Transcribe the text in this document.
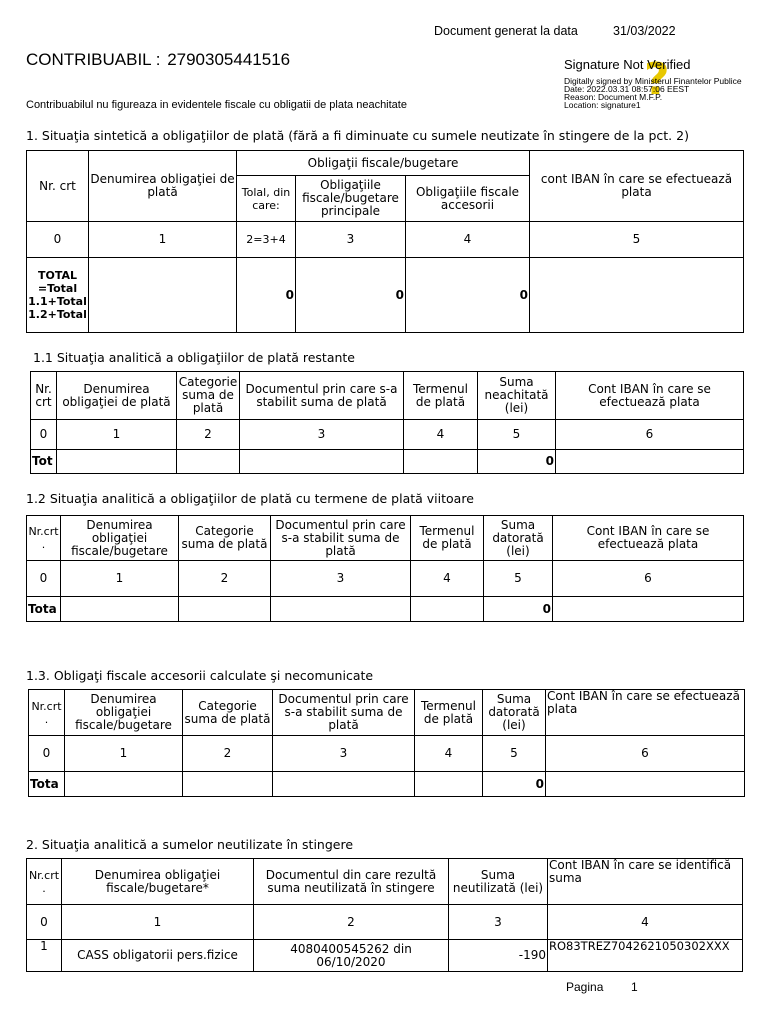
Document generat la data	31/03/2022
CONTRIBUABIL : 2790305441516
Contribuabilul nu figureaza in evidentele fiscale cu obligatii de plata neachitate	?
Signature Not Verified
Digitally signed by Ministerul Finantelor Publice
Date: 2022.03.31 08:57:06 EEST
Reason: Document M.F.P.
Location: signature1
1. Situaţia sintetică a obligaţiilor de plată (fără a fi diminuate cu sumele neutizate în stingere de la pct. 2)
Nr. crt	Denumirea obligaţiei de plată	Obligaţii fiscale/bugetare			cont IBAN în care se efectuează plata
		Tolal, din care:	Obligaţiile fiscale/bugetare principale	Obligaţiile fiscale accesorii	
0	1	2=3+4	3	4	5
TOTAL =Total 1.1+Total 1.2+Total		0	0	0	
1.1 Situaţia analitică a obligaţiilor de plată restante
Nr. crt	Denumirea obligaţiei de plată	Categorie suma de plată	Documentul prin care s-a stabilit suma de plată	Termenul de plată	Suma neachitată (lei)	Cont IBAN în care se efectuează plata
0	1	2	3	4	5	6
Tot					0	
1.2 Situaţia analitică a obligaţiilor de plată cu termene de plată viitoare
Nr.crt .	Denumirea obligaţiei fiscale/bugetare	Categorie suma de plată	Documentul prin care s-a stabilit suma de plată	Termenul de plată	Suma datorată (lei)	Cont IBAN în care se efectuează plata
0	1	2	3	4	5	6
Tota					0	
1.3. Obligaţi fiscale accesorii calculate şi necomunicate
Nr.crt .	Denumirea obligaţiei fiscale/bugetare	Categorie suma de plată	Documentul prin care s-a stabilit suma de plată	Termenul de plată	Suma datorată (lei)	Cont IBAN în care se efectuează plata
0	1	2	3	4	5	6
Tota					0	
2. Situaţia analitică a sumelor neutilizate în stingere
Nr.crt .	Denumirea obligaţiei fiscale/bugetare*	Documentul din care rezultă suma neutilizată în stingere	Suma neutilizată (lei)	Cont IBAN în care se identifică suma
0	1	2	3	4
1	CASS obligatorii pers.fizice	4080400545262 din 06/10/2020	-190	RO83TREZ7042621050302XXX
Pagina 1
